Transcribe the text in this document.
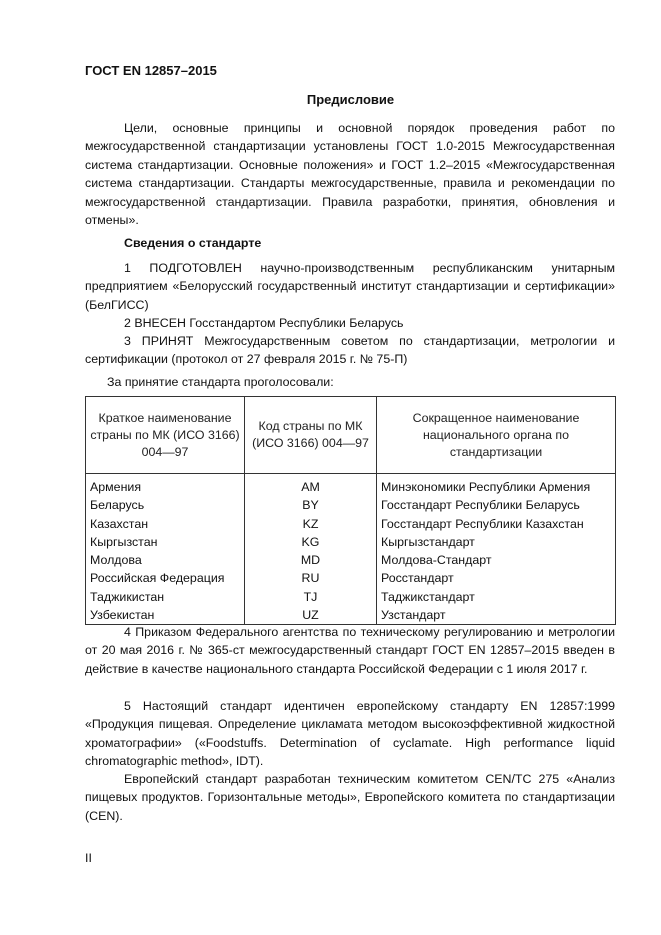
ГОСТ EN 12857–2015
Предисловие

Цели, основные принципы и основной порядок проведения работ по межгосударственной стандартизации установлены ГОСТ 1.0-2015 Межгосударственная система стандартизации. Основные положения» и ГОСТ 1.2–2015 «Межгосударственная система стандартизации. Стандарты межгосударственные, правила и рекомендации по межгосударственной стандартизации. Правила разработки, принятия, обновления и отмены».

Сведения о стандарте

1 ПОДГОТОВЛЕН научно-производственным республиканским унитарным предприятием «Белорусский государственный институт стандартизации и сертификации» (БелГИСС)

2 ВНЕСЕН Госстандартом Республики Беларусь

3 ПРИНЯТ Межгосударственным советом по стандартизации, метрологии и сертификации (протокол от 27 февраля 2015 г. № 75-П)

За принятие стандарта проголосовали:
Краткое наименование страны по МК (ИСО 3166) 004—97	Код страны по МК (ИСО 3166) 004—97	Сокращенное наименование национального органа по стандартизации
Армения	AM	Минэкономики Республики Армения
Беларусь	BY	Госстандарт Республики Беларусь
Казахстан	KZ	Госстандарт Республики Казахстан
Кыргызстан	KG	Кыргызстандарт
Молдова	MD	Молдова-Стандарт
Российская Федерация	RU	Росстандарт
Таджикистан	TJ	Таджикстандарт
Узбекистан	UZ	Узстандарт

4 Приказом Федерального агентства по техническому регулированию и метрологии от 20 мая 2016 г. № 365-ст межгосударственный стандарт ГОСТ EN 12857–2015 введен в действие в качестве национального стандарта Российской Федерации с 1 июля 2017 г.

5 Настоящий стандарт идентичен европейскому стандарту EN 12857:1999 «Продукция пищевая. Определение цикламата методом высокоэффективной жидкостной хроматографии» («Foodstuffs. Determination of cyclamate. High performance liquid chromatographic method», IDT).

Европейский стандарт разработан техническим комитетом CEN/TC 275 «Анализ пищевых продуктов. Горизонтальные методы», Европейского комитета по стандартизации (CEN).

II
